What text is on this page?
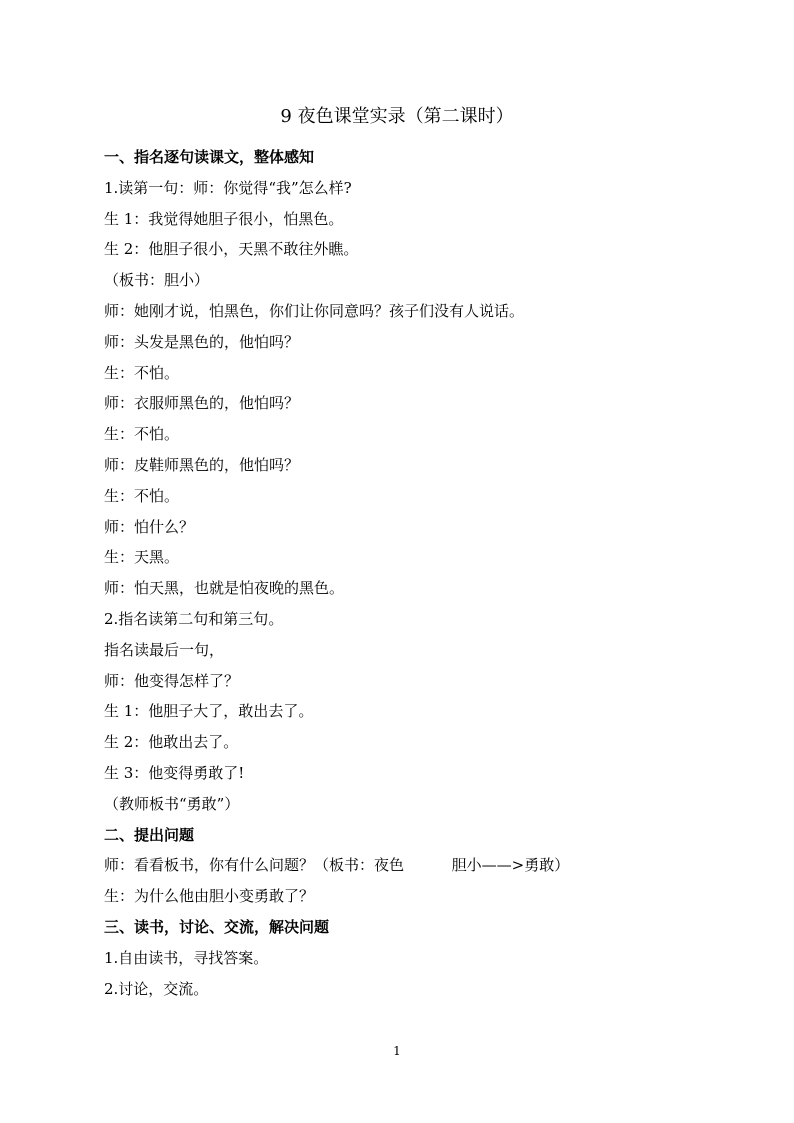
9 夜色课堂实录（第二课时）
一、指名逐句读课文，整体感知
1.读第一句：师：你觉得“我”怎么样?
生 1：我觉得她胆子很小，怕黑色。
生 2：他胆子很小，天黑不敢往外瞧。
（板书：胆小）
师：她刚才说，怕黑色，你们让你同意吗？孩子们没有人说话。
师：头发是黑色的，他怕吗？
生：不怕。
师：衣服师黑色的，他怕吗？
生：不怕。
师：皮鞋师黑色的，他怕吗？
生：不怕。
师：怕什么？
生：天黑。
师：怕天黑，也就是怕夜晚的黑色。
2.指名读第二句和第三句。
指名读最后一句，
师：他变得怎样了？
生 1：他胆子大了，敢出去了。
生 2：他敢出去了。
生 3：他变得勇敢了!
（教师板书“勇敢”）
二、提出问题
师：看看板书，你有什么问题？（板书：夜色          胆小——>勇敢）
生：为什么他由胆小变勇敢了？
三、读书，讨论、交流，解决问题
1.自由读书，寻找答案。
2.讨论，交流。
1
